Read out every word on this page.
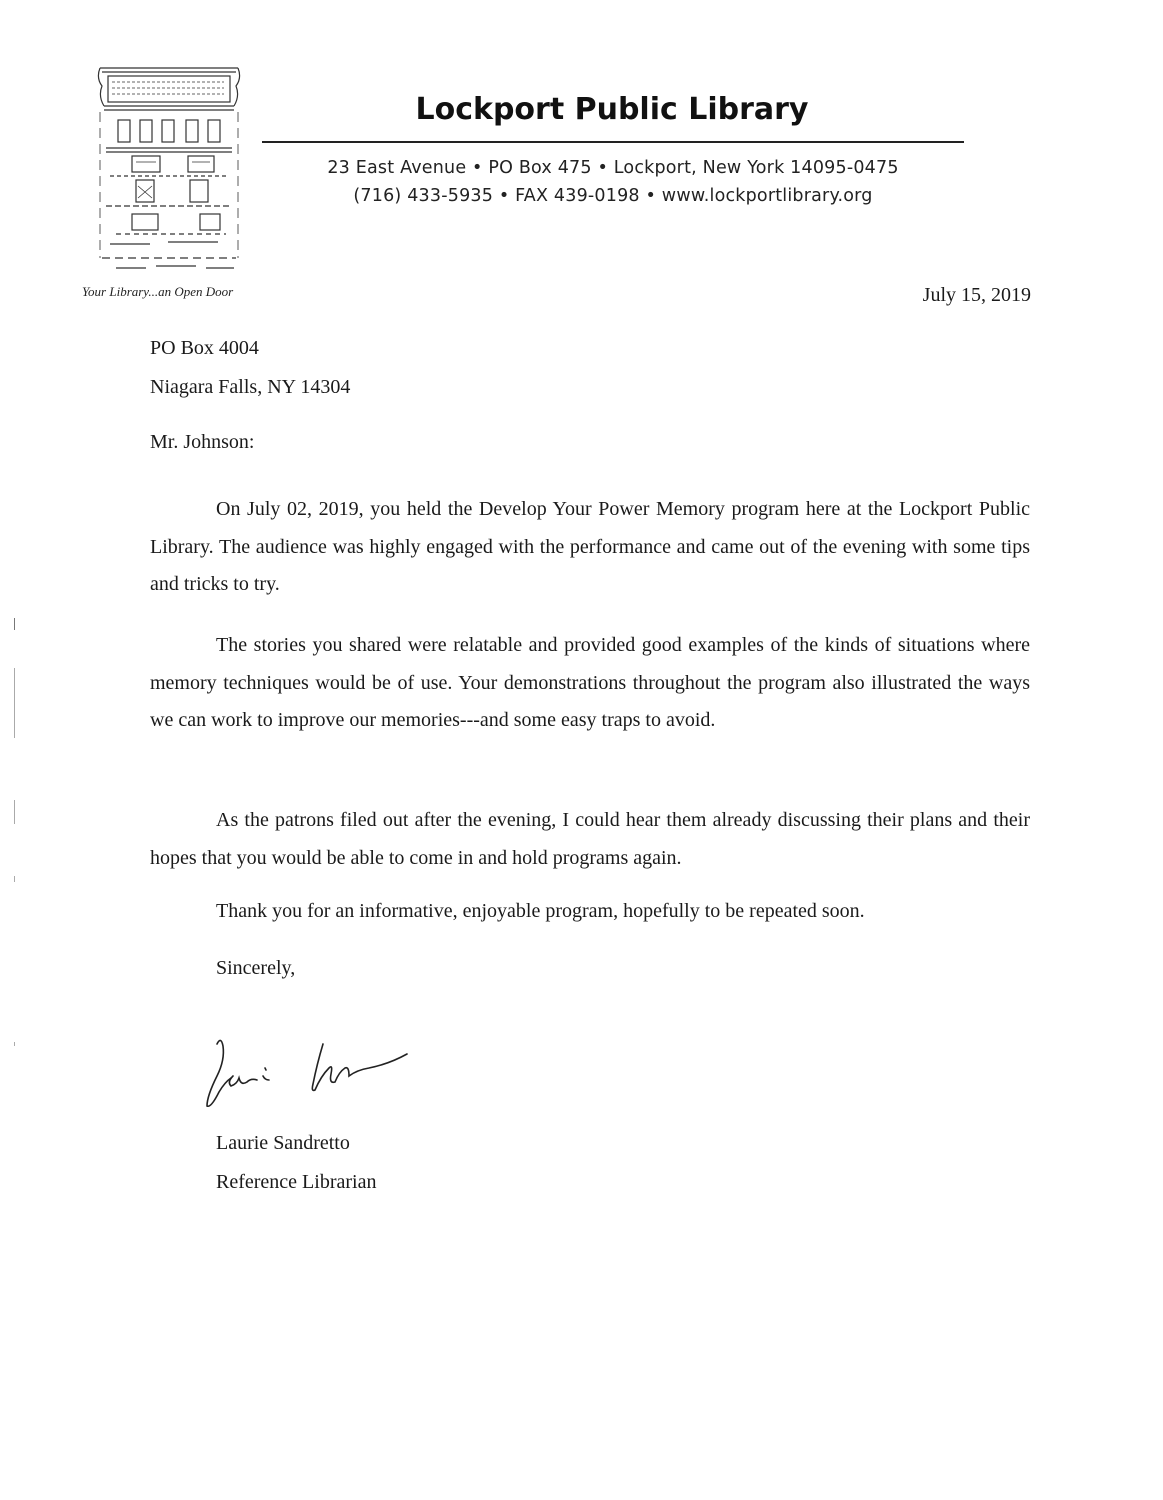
Your Library...an Open Door
Lockport Public Library
23 East Avenue • PO Box 475 • Lockport, New York 14095-0475
(716) 433-5935 • FAX 439-0198 • www.lockportlibrary.org
July 15, 2019
PO Box 4004
Niagara Falls, NY 14304
Mr. Johnson:
On July 02, 2019, you held the Develop Your Power Memory program here at the Lockport Public Library. The audience was highly engaged with the performance and came out of the evening with some tips and tricks to try.
The stories you shared were relatable and provided good examples of the kinds of situations where memory techniques would be of use. Your demonstrations throughout the program also illustrated the ways we can work to improve our memories---and some easy traps to avoid.
As the patrons filed out after the evening, I could hear them already discussing their plans and their hopes that you would be able to come in and hold programs again.
Thank you for an informative, enjoyable program, hopefully to be repeated soon.
Sincerely,
Laurie Sandretto
Reference Librarian
